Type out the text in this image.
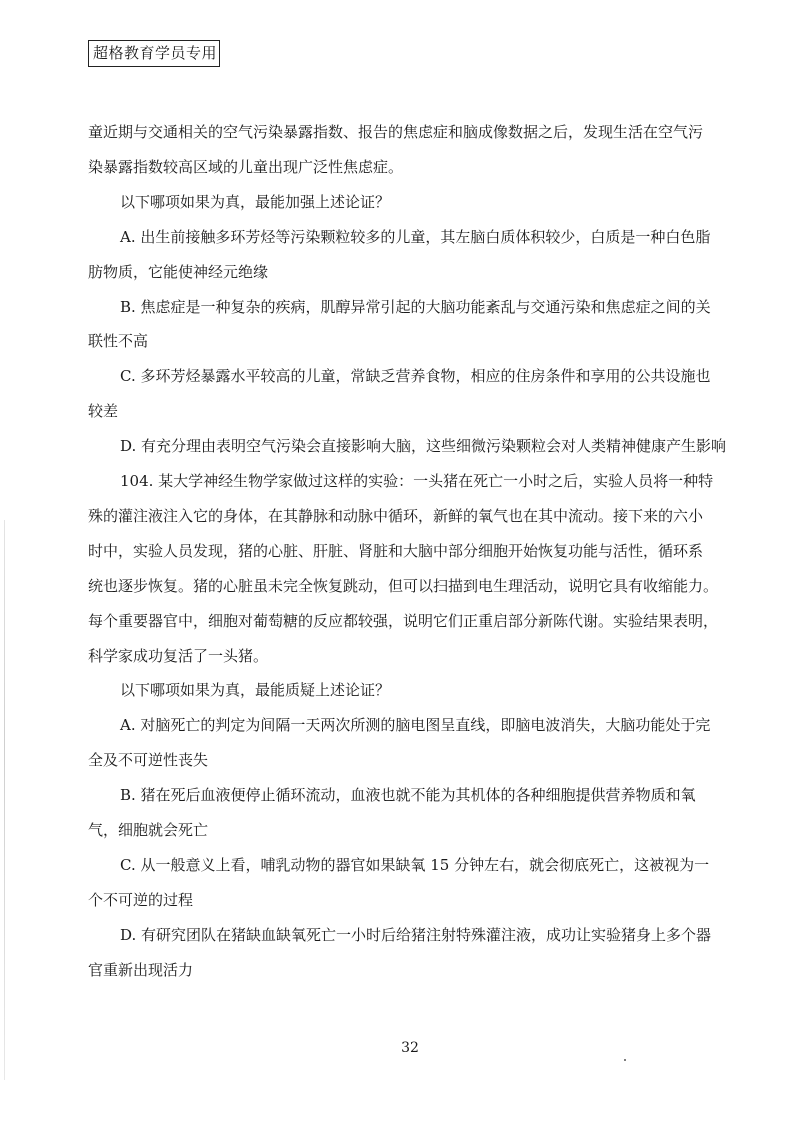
超格教育学员专用
童近期与交通相关的空气污染暴露指数、报告的焦虑症和脑成像数据之后，发现生活在空气污
染暴露指数较高区域的儿童出现广泛性焦虑症。
以下哪项如果为真，最能加强上述论证？
A. 出生前接触多环芳烃等污染颗粒较多的儿童，其左脑白质体积较少，白质是一种白色脂
肪物质，它能使神经元绝缘
B. 焦虑症是一种复杂的疾病，肌醇异常引起的大脑功能紊乱与交通污染和焦虑症之间的关
联性不高
C. 多环芳烃暴露水平较高的儿童，常缺乏营养食物，相应的住房条件和享用的公共设施也
较差
D. 有充分理由表明空气污染会直接影响大脑，这些细微污染颗粒会对人类精神健康产生影响
104. 某大学神经生物学家做过这样的实验：一头猪在死亡一小时之后，实验人员将一种特
殊的灌注液注入它的身体，在其静脉和动脉中循环，新鲜的氧气也在其中流动。接下来的六小
时中，实验人员发现，猪的心脏、肝脏、肾脏和大脑中部分细胞开始恢复功能与活性，循环系
统也逐步恢复。猪的心脏虽未完全恢复跳动，但可以扫描到电生理活动，说明它具有收缩能力。
每个重要器官中，细胞对葡萄糖的反应都较强，说明它们正重启部分新陈代谢。实验结果表明，
科学家成功复活了一头猪。
以下哪项如果为真，最能质疑上述论证？
A. 对脑死亡的判定为间隔一天两次所测的脑电图呈直线，即脑电波消失，大脑功能处于完
全及不可逆性丧失
B. 猪在死后血液便停止循环流动，血液也就不能为其机体的各种细胞提供营养物质和氧
气，细胞就会死亡
C. 从一般意义上看，哺乳动物的器官如果缺氧 15 分钟左右，就会彻底死亡，这被视为一
个不可逆的过程
D. 有研究团队在猪缺血缺氧死亡一小时后给猪注射特殊灌注液，成功让实验猪身上多个器
官重新出现活力
32
